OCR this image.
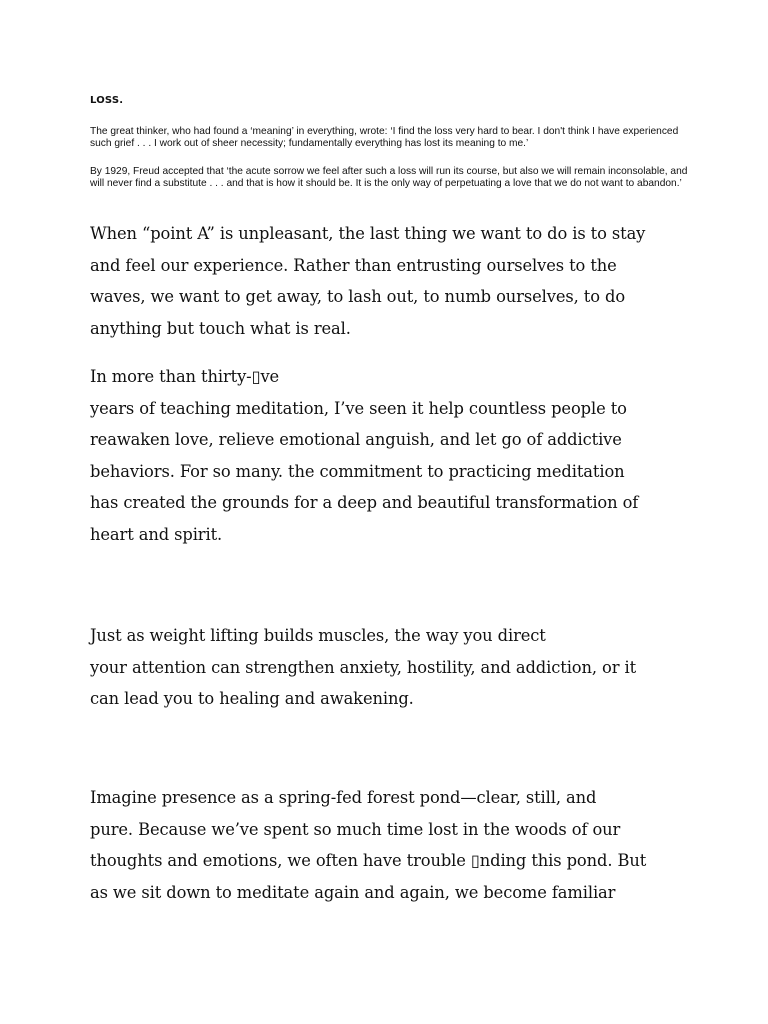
LOSS.

The great thinker, who had found a ‘meaning’ in everything, wrote: ‘I find the loss very hard to bear. I don't think I have experienced such grief . . . I work out of sheer necessity; fundamentally everything has lost its meaning to me.’

By 1929, Freud accepted that ‘the acute sorrow we feel after such a loss will run its course, but also we will remain inconsolable, and will never find a substitute . . . and that is how it should be. It is the only way of perpetuating a love that we do not want to abandon.’

When “point A” is unpleasant, the last thing we want to do is to stay
and feel our experience. Rather than entrusting ourselves to the
waves, we want to get away, to lash out, to numb ourselves, to do
anything but touch what is real.
In more than thirty-▯ve
years of teaching meditation, I’ve seen it help countless people to
reawaken love, relieve emotional anguish, and let go of addictive
behaviors. For so many. the commitment to practicing meditation
has created the grounds for a deep and beautiful transformation of
heart and spirit.
Just as weight lifting builds muscles, the way you direct
your attention can strengthen anxiety, hostility, and addiction, or it
can lead you to healing and awakening.
Imagine presence as a spring-fed forest pond—clear, still, and
pure. Because we’ve spent so much time lost in the woods of our
thoughts and emotions, we often have trouble ▯nding this pond. But
as we sit down to meditate again and again, we become familiar
